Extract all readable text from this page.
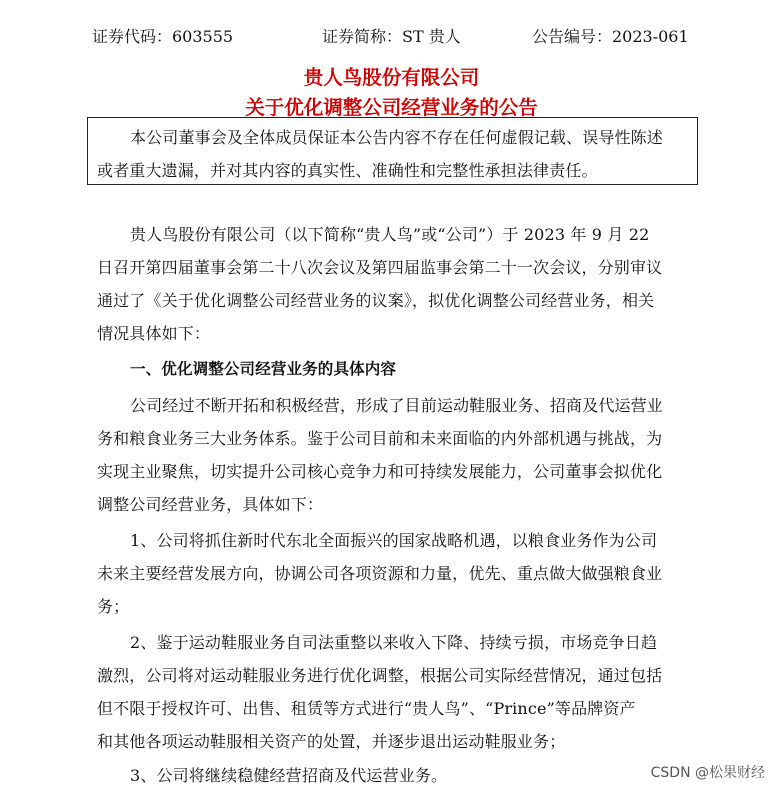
证券代码：603555	证券简称：ST 贵人	公告编号：2023-061
贵人鸟股份有限公司
关于优化调整公司经营业务的公告
本公司董事会及全体成员保证本公告内容不存在任何虚假记载、误导性陈述
或者重大遗漏，并对其内容的真实性、准确性和完整性承担法律责任。
贵人鸟股份有限公司（以下简称“贵人鸟”或“公司”）于 2023 年 9 月 22
日召开第四届董事会第二十八次会议及第四届监事会第二十一次会议，分别审议
通过了《关于优化调整公司经营业务的议案》，拟优化调整公司经营业务，相关
情况具体如下：
一、优化调整公司经营业务的具体内容
公司经过不断开拓和积极经营，形成了目前运动鞋服业务、招商及代运营业
务和粮食业务三大业务体系。鉴于公司目前和未来面临的内外部机遇与挑战，为
实现主业聚焦，切实提升公司核心竞争力和可持续发展能力，公司董事会拟优化
调整公司经营业务，具体如下：
1、公司将抓住新时代东北全面振兴的国家战略机遇，以粮食业务作为公司
未来主要经营发展方向，协调公司各项资源和力量，优先、重点做大做强粮食业
务；
2、鉴于运动鞋服业务自司法重整以来收入下降、持续亏损，市场竞争日趋
激烈，公司将对运动鞋服业务进行优化调整，根据公司实际经营情况，通过包括
但不限于授权许可、出售、租赁等方式进行“贵人鸟”、“Prince”等品牌资产
和其他各项运动鞋服相关资产的处置，并逐步退出运动鞋服业务；
3、公司将继续稳健经营招商及代运营业务。	CSDN @松果财经
